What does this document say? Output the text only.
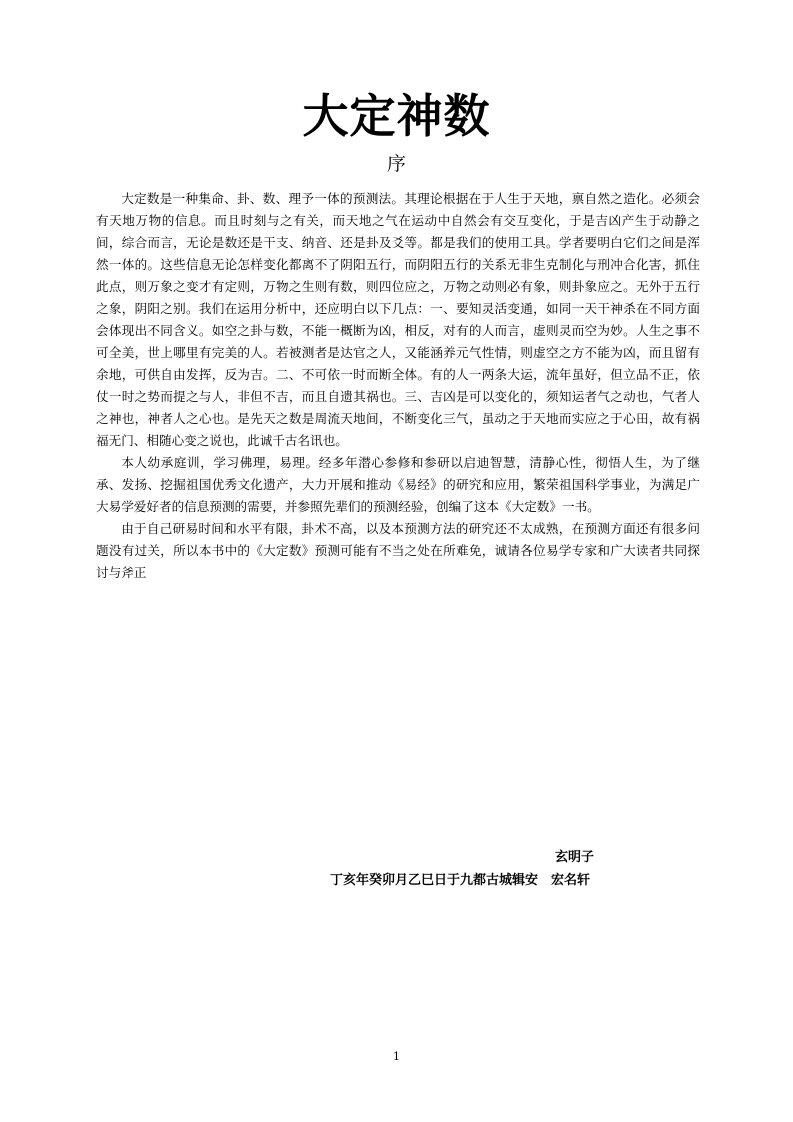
大定神数
序

大定数是一种集命、卦、数、理予一体的预测法。其理论根据在于人生于天地，禀自然之造化。必须会有天地万物的信息。而且时刻与之有关，而天地之气在运动中自然会有交互变化，于是吉凶产生于动静之间，综合而言，无论是数还是干支、纳音、还是卦及爻等。都是我们的使用工具。学者要明白它们之间是浑然一体的。这些信息无论怎样变化都离不了阴阳五行，而阴阳五行的关系无非生克制化与刑冲合化害，抓住此点，则万象之变才有定则，万物之生则有数，则四位应之，万物之动则必有象，则卦象应之。无外于五行之象，阴阳之别。我们在运用分析中，还应明白以下几点：一、要知灵活变通，如同一天干神杀在不同方面会体现出不同含义。如空之卦与数，不能一概断为凶，相反，对有的人而言，虚则灵而空为妙。人生之事不可全美，世上哪里有完美的人。若被测者是达官之人，又能涵养元气性情，则虚空之方不能为凶，而且留有余地，可供自由发挥，反为吉。二、不可依一时而断全体。有的人一两条大运，流年虽好，但立品不正，依仗一时之势而提之与人，非但不吉，而且自遗其祸也。三、吉凶是可以变化的，须知运者气之动也，气者人之神也，神者人之心也。是先天之数是周流天地间，不断变化三气，虽动之于天地而实应之于心田，故有祸福无门、相随心变之说也，此诚千古名讯也。

本人幼承庭训，学习佛理，易理。经多年潜心参修和参研以启迪智慧，清静心性，彻悟人生，为了继承、发扬、挖掘祖国优秀文化遗产，大力开展和推动《易经》的研究和应用，繁荣祖国科学事业，为满足广大易学爱好者的信息预测的需要，并参照先辈们的预测经验，创编了这本《大定数》一书。

由于自己研易时间和水平有限，卦术不高，以及本预测方法的研究还不太成熟，在预测方面还有很多问题没有过关，所以本书中的《大定数》预测可能有不当之处在所难免，诚请各位易学专家和广大读者共同探讨与斧正

玄明子
丁亥年癸卯月乙巳日于九都古城辑安　宏名轩
1
